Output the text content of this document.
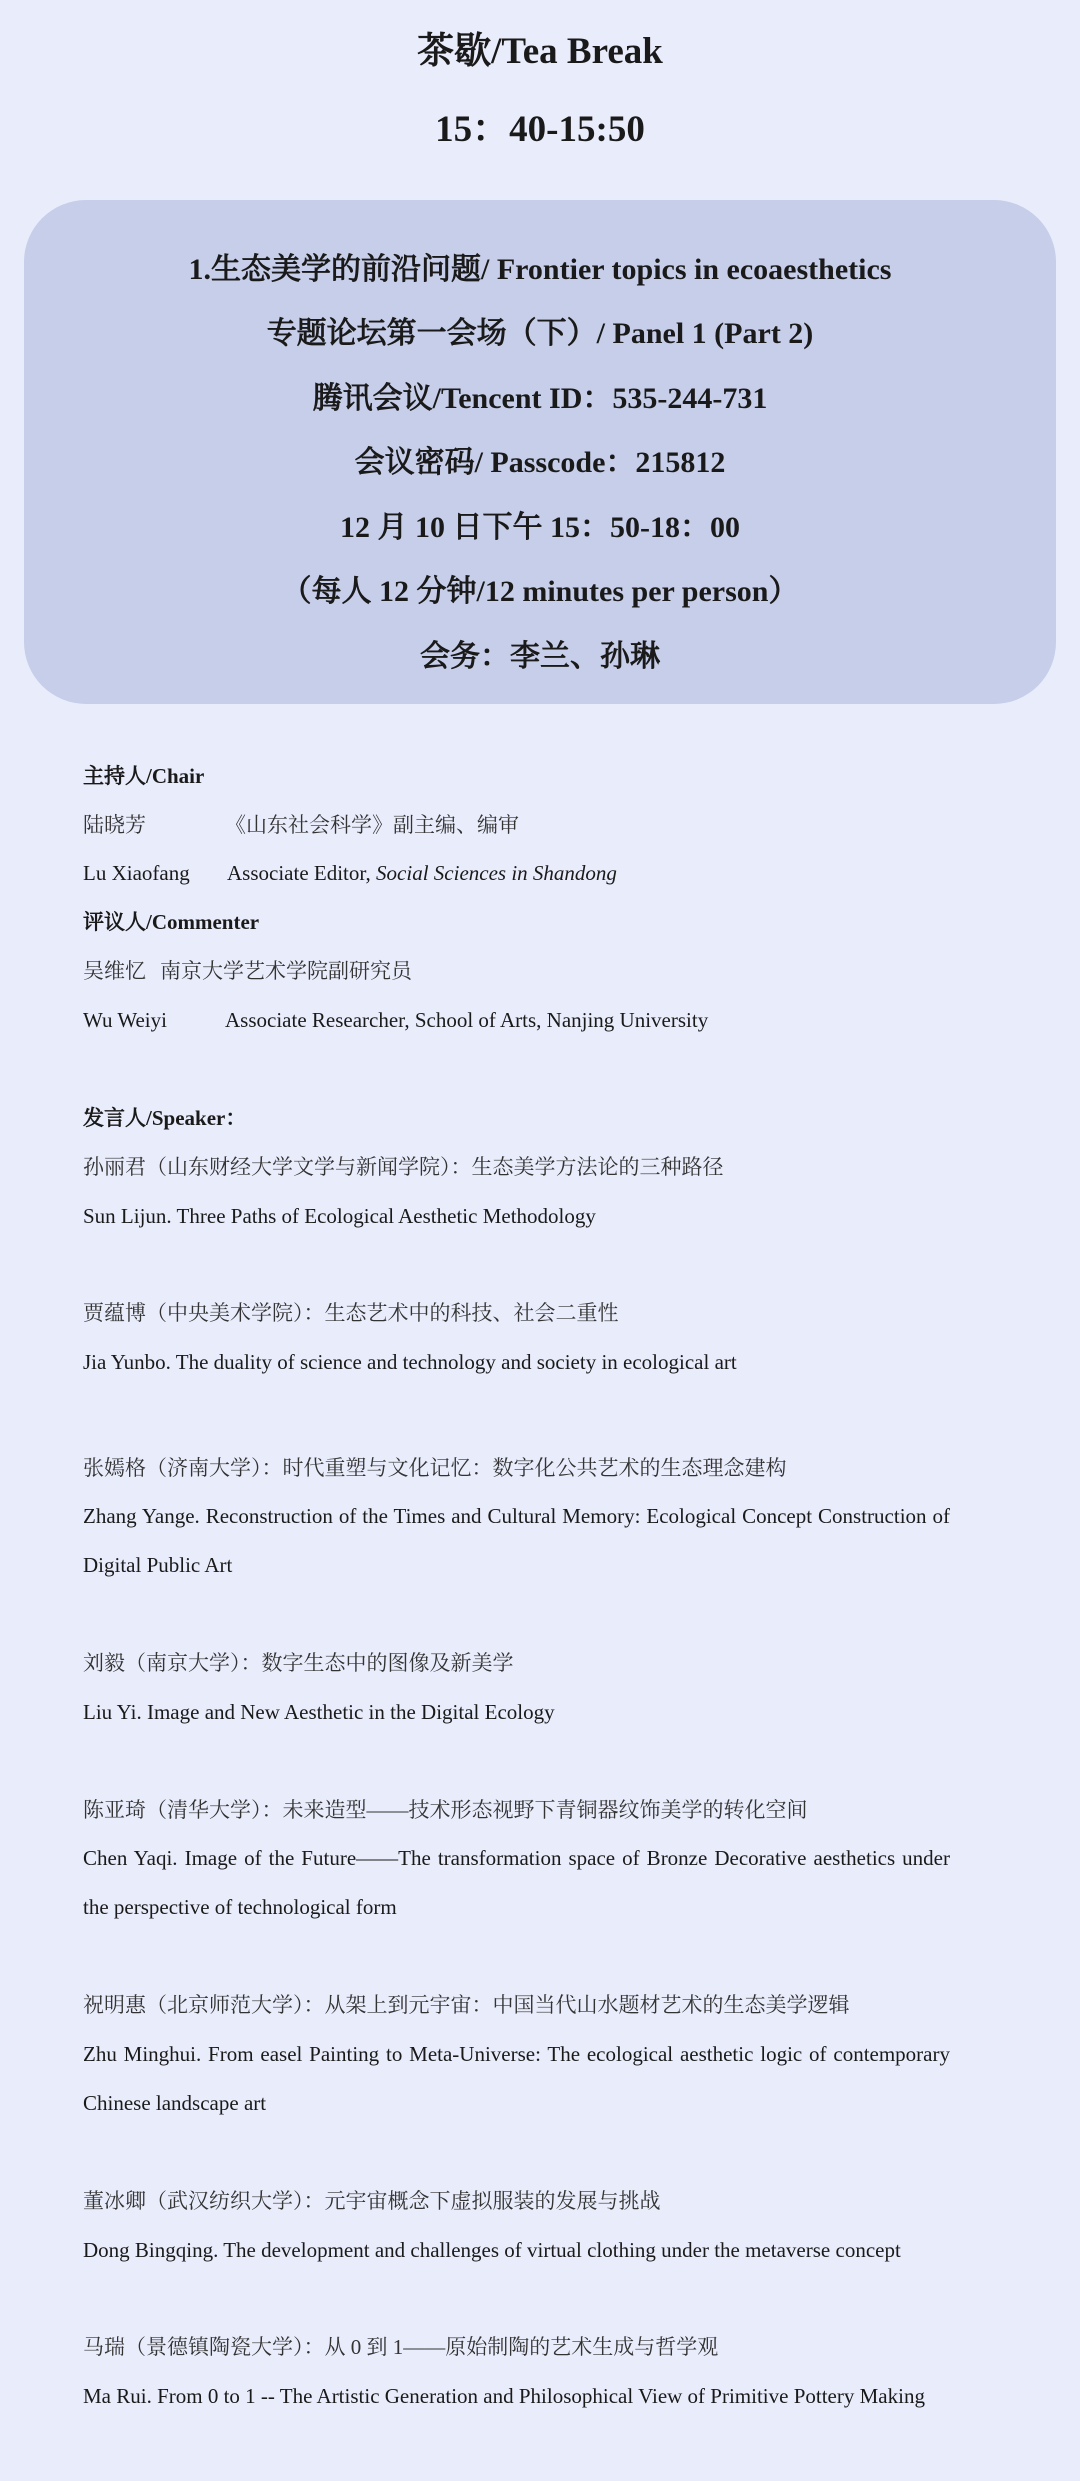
茶歇/Tea Break
15：40-15:50
1.生态美学的前沿问题/ Frontier topics in ecoaesthetics
专题论坛第一会场（下）/ Panel 1 (Part 2)
腾讯会议/Tencent ID：535-244-731
会议密码/ Passcode：215812
12 月 10 日下午 15：50-18：00
（每人 12 分钟/12 minutes per person）
会务：李兰、孙琳
主持人/Chair
陆晓芳	《山东社会科学》副主编、编审
Lu Xiaofang Associate Editor, Social Sciences in Shandong
评议人/Commenter
吴维忆 南京大学艺术学院副研究员
Wu Weiyi	Associate Researcher, School of Arts, Nanjing University
发言人/Speaker：
孙丽君（山东财经大学文学与新闻学院）：生态美学方法论的三种路径
Sun Lijun. Three Paths of Ecological Aesthetic Methodology
贾蕴博（中央美术学院）：生态艺术中的科技、社会二重性
Jia Yunbo. The duality of science and technology and society in ecological art
张嫣格（济南大学）：时代重塑与文化记忆：数字化公共艺术的生态理念建构
Zhang Yange. Reconstruction of the Times and Cultural Memory: Ecological Concept Construction of Digital Public Art
刘毅（南京大学）：数字生态中的图像及新美学
Liu Yi. Image and New Aesthetic in the Digital Ecology
陈亚琦（清华大学）：未来造型——技术形态视野下青铜器纹饰美学的转化空间
Chen Yaqi. Image of the Future——The transformation space of Bronze Decorative aesthetics under the perspective of technological form
祝明惠（北京师范大学）：从架上到元宇宙：中国当代山水题材艺术的生态美学逻辑
Zhu Minghui. From easel Painting to Meta-Universe: The ecological aesthetic logic of contemporary Chinese landscape art
董冰卿（武汉纺织大学）：元宇宙概念下虚拟服装的发展与挑战
Dong Bingqing. The development and challenges of virtual clothing under the metaverse concept
马瑞（景德镇陶瓷大学）：从 0 到 1——原始制陶的艺术生成与哲学观
Ma Rui. From 0 to 1 -- The Artistic Generation and Philosophical View of Primitive Pottery Making
